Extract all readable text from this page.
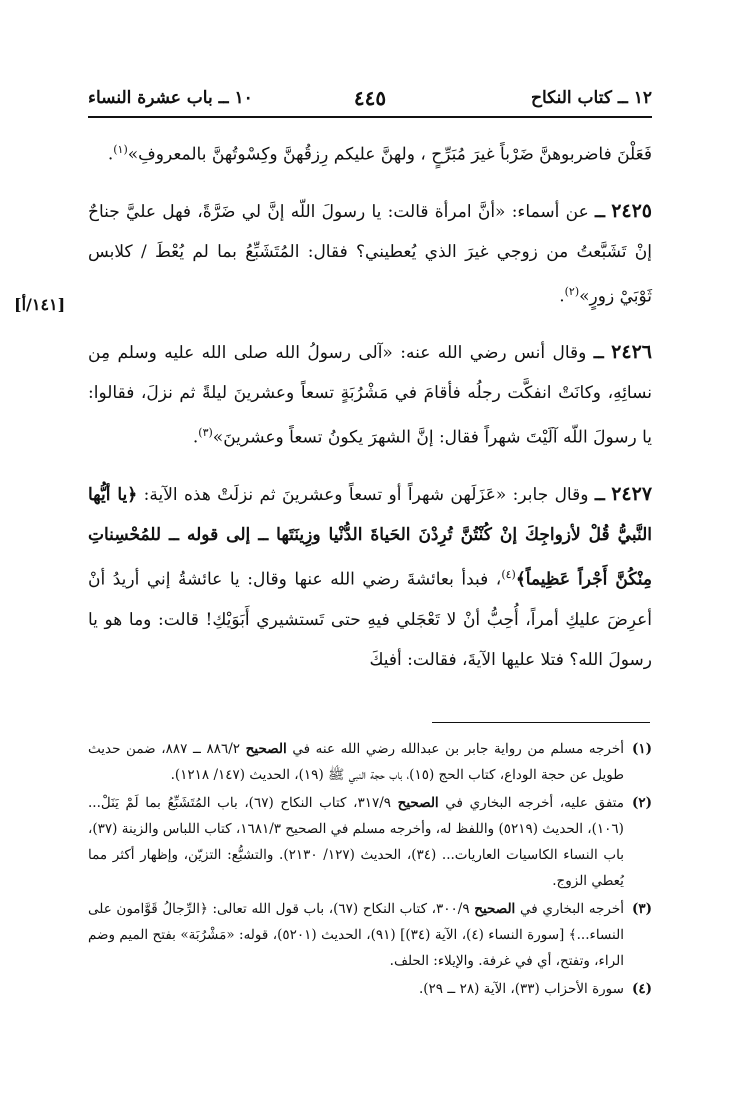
١٢ ــ كتاب النكاح
٤٤٥
١٠ ــ باب عشرة النساء

فَعَلْنَ فاضربوهنَّ ضَرْباً غيرَ مُبَرِّحٍ ، ولهنَّ عليكم رِزقُهنَّ وكِسْوتُهنَّ بالمعروفِ»$^{(١)}$.

٢٤٢٥ ــ عن أسماء: «أنَّ امرأة قالت: يا رسولَ اللّه إنَّ لي ضَرَّةً، فهل عليَّ جناحٌ إنْ تَشَبَّعتُ من زوجي غيرَ الذي يُعطيني؟ فقال: المُتَشَبِّعُ بما لم يُعْطَ / كلابس ثَوْبَيْ زورٍ»$^{(٢)}$.
[١٤١/أ]

٢٤٢٦ ــ وقال أنس رضي الله عنه: «آلى رسولُ الله صلى الله عليه وسلم مِن نسائِهِ، وكانَتْ انفكَّت رجلُه فأقامَ في مَشْرُبَةٍ تسعاً وعشرينَ ليلةً ثم نزلَ، فقالوا: يا رسولَ اللّه آلَيْتَ شهراً فقال: إنَّ الشهرَ يكونُ تسعاً وعشرينَ»$^{(٣)}$.

٢٤٢٧ ــ وقال جابر: «عَزَلَهن شهراً أو تسعاً وعشرينَ ثم نزلَتْ هذه الآية: ﴿يا أيُّها النَّبيُّ قُلْ لأزواجِكَ إنْ كُنْتُنَّ تُرِدْنَ الحَياةَ الدُّنْيا وزِينَتَها ــ إلى قوله ــ للمُحْسِناتِ مِنْكُنَّ أَجْراً عَظِيماً﴾$^{(٤)}$، فبدأ بعائشةَ رضي الله عنها وقال: يا عائشةُ إني أريدُ أنْ أعرِضَ عليكِ أمراً، أُحِبُّ أنْ لا تَعْجَلي فيهِ حتى تَستشيري أَبَوَيْكِ! قالت: وما هو يا رسولَ الله؟ فتلا عليها الآيةَ، فقالت: أفيكَ

(١)
أخرجه مسلم من رواية جابر بن عبدالله رضي الله عنه في الصحيح ٨٨٦/٢ ــ ٨٨٧، ضمن حديث طويل عن حجة الوداع، كتاب الحج (١٥)، باب حجة النبي ﷺ (١٩)، الحديث (١٤٧/ ١٢١٨).
(٢)
متفق عليه، أخرجه البخاري في الصحيح ٣١٧/٩، كتاب النكاح (٦٧)، باب المُتَشَبِّعُ بما لَمْ يَنَلْ... (١٠٦)، الحديث (٥٢١٩) واللفظ له، وأخرجه مسلم في الصحيح ١٦٨١/٣، كتاب اللباس والزينة (٣٧)، باب النساء الكاسيات العاريات... (٣٤)، الحديث (١٢٧/ ٢١٣٠). والتشبُّع: التزيّن، وإظهار أكثر مما يُعطي الزوج.
(٣)
أخرجه البخاري في الصحيح ٣٠٠/٩، كتاب النكاح (٦٧)، باب قول الله تعالى: ﴿الرِّجالُ قَوَّامون على النساء...﴾ [سورة النساء (٤)، الآية (٣٤)] (٩١)، الحديث (٥٢٠١)، قوله: «مَشْرُبَة» بفتح الميم وضم الراء، وتفتح، أي في غرفة. والإيلاء: الحلف.
(٤)
سورة الأحزاب (٣٣)، الآية (٢٨ ــ ٢٩).
